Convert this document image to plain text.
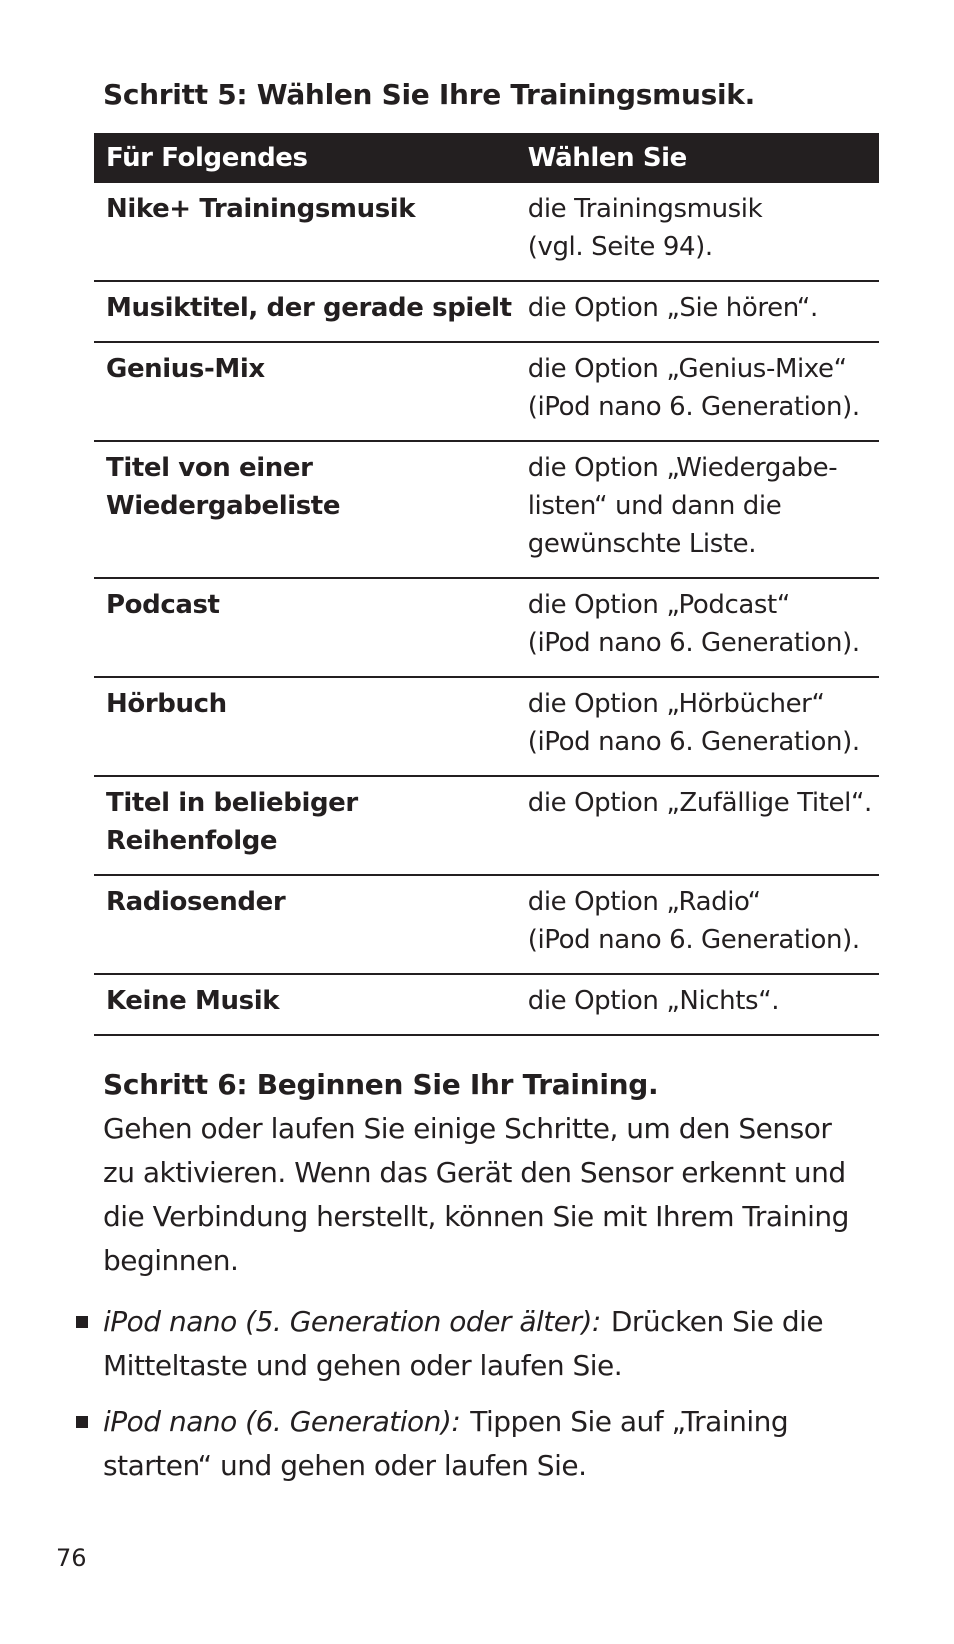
Schritt 5: Wählen Sie Ihre Trainingsmusik.
Für Folgendes	Wählen Sie

Nike+ Trainingsmusik	die Trainingsmusik
(vgl. Seite 94).

Musiktitel, der gerade spielt	die Option „Sie hören“.

Genius-Mix	die Option „Genius-Mixe“
(iPod nano 6. Generation).

Titel von einer
Wiedergabeliste	die Option „Wiedergabe-
listen“ und dann die
gewünschte Liste.

Podcast	die Option „Podcast“
(iPod nano 6. Generation).

Hörbuch	die Option „Hörbücher“
(iPod nano 6. Generation).

Titel in beliebiger
Reihenfolge	die Option „Zufällige Titel“.

Radiosender	die Option „Radio“
(iPod nano 6. Generation).

Keine Musik	die Option „Nichts“.
Schritt 6: Beginnen Sie Ihr Training.
Gehen oder laufen Sie einige Schritte, um den Sensor
zu aktivieren. Wenn das Gerät den Sensor erkennt und
die Verbindung herstellt, können Sie mit Ihrem Training
beginnen.
iPod nano (5. Generation oder älter): Drücken Sie die
Mitteltaste und gehen oder laufen Sie.
iPod nano (6. Generation): Tippen Sie auf „Training
starten“ und gehen oder laufen Sie.
76
